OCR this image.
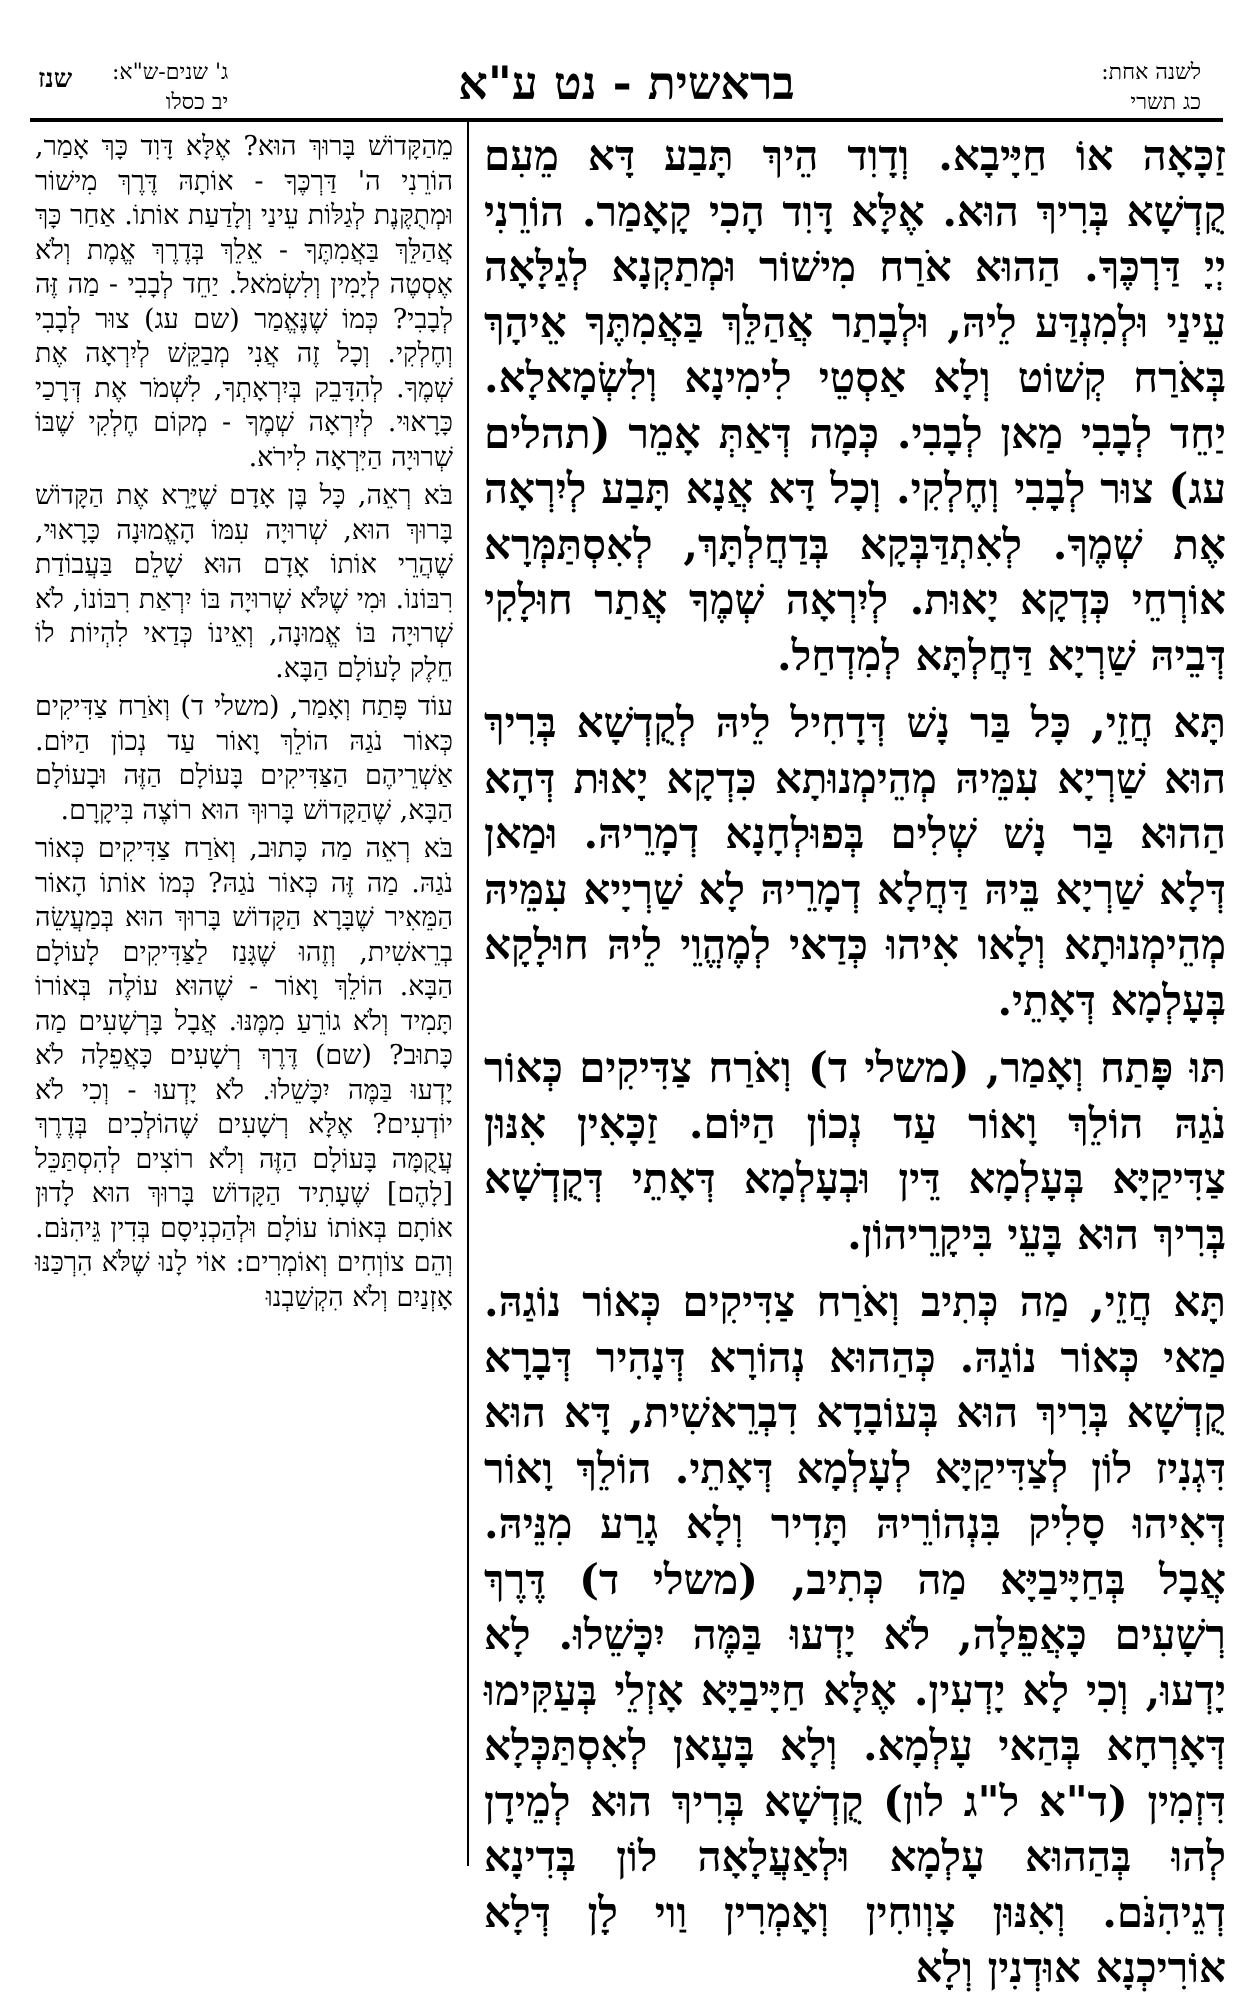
לשנה אחת:
כג תשרי
בראשית - נט ע"א
ג' שנים-ש"א:
יב כסלו
שנז

זַכָּאָה אוֹ חַיָּיבָא. וְדָוִד הֵיךְ תָּבַע דָּא מֵעִם קֻדְשָׁא בְּרִיךְ הוּא. אֶלָּא דָּוִד הָכִי קָאָמַר. הוֹרֵנִי יְיָ דַּרְכֶּךָ. הַהוּא אֹרַח מִישׁוֹר וּמְתַקְנָא לְגַלָּאָה עֵינַי וּלְמִנְדַּע לֵיהּ, וּלְבָתַר אֲהַלֵּךְ בַּאֲמִתֶּךָ אֵיהָךְ בְּאֹרַח קְשׁוֹט וְלָא אַסְטֵי לִימִינָא וְלִשְׂמָאלָא. יַחֵד לְבָבִי מַאן לְבָבִי. כְּמָה דְּאַתְּ אָמֵר (תהלים עג) צוּר לְבָבִי וְחֶלְקִי. וְכָל דָּא אֲנָא תָּבַע לְיִרְאָה אֶת שְׁמֶךָ. לְאִתְדַּבְּקָא בְּדַחֲלְתָּךְ, לְאִסְתַּמְּרָא אוֹרְחֵי כְּדְקָא יָאוּת. לְיִרְאָה שְׁמֶךָ אֲתַר חוּלָקִי דְּבֵיהּ שַׁרְיָא דַּחֲלְתָּא לְמִדְחַל.

תָּא חֲזֵי, כָּל בַּר נָשׁ דְּדָחִיל לֵיהּ לְקֻדְשָׁא בְּרִיךְ הוּא שַׁרְיָא עִמֵּיהּ מְהֵימְנוּתָא כִּדְקָא יָאוּת דְּהָא הַהוּא בַּר נָשׁ שְׁלִים בְּפוּלְחָנָא דְמָרֵיהּ. וּמַאן דְּלָא שַׁרְיָא בֵּיהּ דַּחֲלָא דְמָרֵיהּ לָא שַׁרְיָיא עִמֵּיהּ מְהֵימְנוּתָא וְלָאו אִיהוּ כְּדַאי לְמֶהֱוֵי לֵיהּ חוּלָקָא בְּעָלְמָא דְּאָתֵי.

תּוּ פָּתַח וְאָמַר, (משלי ד) וְאֹרַח צַדִּיקִים כְּאוֹר נֹגַהּ הוֹלֵךְ וָאוֹר עַד נְכוֹן הַיּוֹם. זַכָּאִין אִנּוּן צַדִּיקַיָּא בְּעָלְמָא דֵּין וּבְעָלְמָא דְּאָתֵי דְּקֻדְשָׁא בְּרִיךְ הוּא בָּעֵי בִּיקָרֵיהוֹן.

תָּא חֲזֵי, מַה כְּתִיב וְאֹרַח צַדִּיקִים כְּאוֹר נוֹגַהּ. מַאי כְּאוֹר נוֹגַהּ. כְּהַהוּא נְהוֹרָא דְּנָהִיר דְּבָרָא קֻדְשָׁא בְּרִיךְ הוּא בְּעוֹבָדָא דִבְרֵאשִׁית, דָּא הוּא דִּגְנִיז לוֹן לְצַדִּיקַיָּא לְעָלְמָא דְּאָתֵי. הוֹלֵךְ וָאוֹר דְּאִיהוּ סָלִיק בִּנְהוֹרֵיהּ תָּדִיר וְלָא גָרַע מִנֵּיהּ. אֲבָל בְּחַיָּיבַיָּא מַה כְּתִיב, (משלי ד) דֶּרֶךְ רְשָׁעִים כָּאֲפֵלָה, לֹא יָדְעוּ בַּמֶּה יִכָּשֵׁלוּ. לָא יָדְעוּ, וְכִי לָא יָדְעִין. אֶלָּא חַיָּיבַיָּא אָזְלֵי בְּעַקִּימוּ דְּאָרְחָא בְּהַאי עָלְמָא. וְלָא בָּעָאן לְאִסְתַּכְּלָא דִּזְמִין (ד"א ל"ג לון) קֻדְשָׁא בְּרִיךְ הוּא לְמֵידָן לְהוּ בְּהַהוּא עָלְמָא וּלְאַעֲלָאָה לוֹן בְּדִינָא דְגֵיהִנֹּם. וְאִנּוּן צָוְוחִין וְאָמְרִין וַוי לָן דְּלָא אוֹרִיכְנָא אוּדְנִין וְלָא

מֵהַקָּדוֹשׁ בָּרוּךְ הוּא? אֶלָּא דָּוִד כָּךְ אָמַר, הוֹרֵנִי ה' דַּרְכֶּךָ - אוֹתָהּ דֶּרֶךְ מִישׁוֹר וּמְתֻקֶּנֶת לְגַלּוֹת עֵינַי וְלָדַעַת אוֹתוֹ. אַחַר כָּךְ אֲהַלֵּךְ בַּאֲמִתֶּךָ - אֵלֵךְ בְּדֶרֶךְ אֱמֶת וְלֹא אֶסְטֶה לְיָמִין וְלִשְׂמֹאל. יַחֵד לְבָבִי - מַה זֶּה לְבָבִי? כְּמוֹ שֶׁנֶּאֱמַר (שם עג) צוּר לְבָבִי וְחֶלְקִי. וְכָל זֶה אֲנִי מְבַקֵּשׁ לְיִרְאָה אֶת שְׁמֶךָ. לְהִדָּבֵק בְּיִרְאָתְךָ, לִשְׁמֹר אֶת דְּרָכַי כָּרָאוּי. לְיִרְאָה שְׁמֶךָ - מְקוֹם חֶלְקִי שֶׁבּוֹ שְׁרוּיָה הַיִּרְאָה לִירֹא.

בֹּא רְאֵה, כָּל בֶּן אָדָם שֶׁיָּרֵא אֶת הַקָּדוֹשׁ בָּרוּךְ הוּא, שְׁרוּיָה עִמּוֹ הָאֱמוּנָה כָּרָאוּי, שֶׁהֲרֵי אוֹתוֹ אָדָם הוּא שָׁלֵם בַּעֲבוֹדַת רִבּוֹנוֹ. וּמִי שֶׁלֹּא שְׁרוּיָה בּוֹ יִרְאַת רִבּוֹנוֹ, לֹא שְׁרוּיָה בּוֹ אֱמוּנָה, וְאֵינוֹ כְּדַאי לִהְיוֹת לוֹ חֵלֶק לָעוֹלָם הַבָּא.

עוֹד פָּתַח וְאָמַר, (משלי ד) וְאֹרַח צַדִּיקִים כְּאוֹר נֹגַהּ הוֹלֵךְ וָאוֹר עַד נְכוֹן הַיּוֹם. אַשְׁרֵיהֶם הַצַּדִּיקִים בָּעוֹלָם הַזֶּה וּבָעוֹלָם הַבָּא, שֶׁהַקָּדוֹשׁ בָּרוּךְ הוּא רוֹצֶה בִּיקָרָם.

בֹּא רְאֵה מַה כָּתוּב, וְאֹרַח צַדִּיקִים כְּאוֹר נֹגַהּ. מַה זֶּה כְּאוֹר נֹגַהּ? כְּמוֹ אוֹתוֹ הָאוֹר הַמֵּאִיר שֶׁבָּרָא הַקָּדוֹשׁ בָּרוּךְ הוּא בְּמַעֲשֵׂה בְרֵאשִׁית, וְזֶהוּ שֶׁגָּנַז לַצַּדִּיקִים לָעוֹלָם הַבָּא. הוֹלֵךְ וָאוֹר - שֶׁהוּא עוֹלֶה בְּאוֹרוֹ תָּמִיד וְלֹא גוֹרֵעַ מִמֶּנּוּ. אֲבָל בָּרְשָׁעִים מַה כָּתוּב? (שם) דֶּרֶךְ רְשָׁעִים כָּאֲפֵלָה לֹא יָדְעוּ בַּמֶּה יִכָּשֵׁלוּ. לֹא יָדְעוּ - וְכִי לֹא יוֹדְעִים? אֶלָּא רְשָׁעִים שֶׁהוֹלְכִים בְּדֶרֶךְ עֲקֻמָּה בָּעוֹלָם הַזֶּה וְלֹא רוֹצִים לְהִסְתַּכֵּל [לָהֶם] שֶׁעָתִיד הַקָּדוֹשׁ בָּרוּךְ הוּא לָדוּן אוֹתָם בְּאוֹתוֹ עוֹלָם וּלְהַכְנִיסָם בְּדִין גֵּיהִנֹּם. וְהֵם צוֹוְחִים וְאוֹמְרִים: אוֹי לָנוּ שֶׁלֹּא הִרְכַּנּוּ אָזְנַיִם וְלֹא הִקְשַׁבְנוּ
